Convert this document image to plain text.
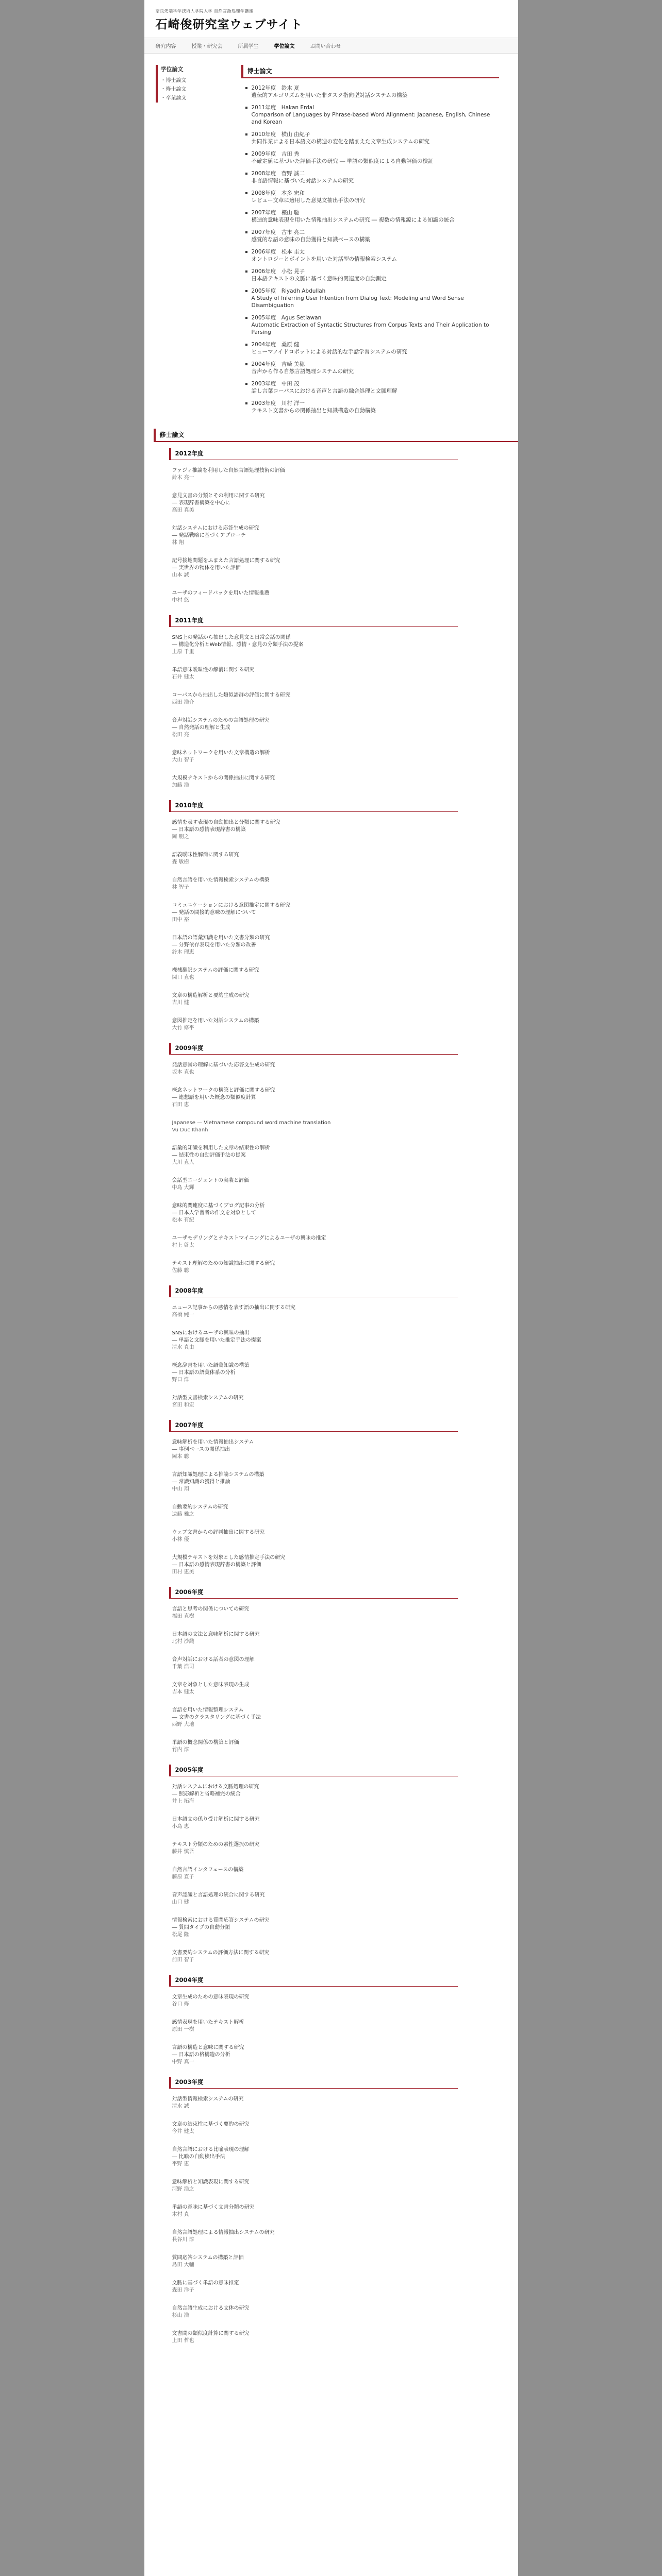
奈良先端科学技術大学院大学 自然言語処理学講座
石崎俊研究室ウェブサイト
研究内容	授業・研究会	所属学生	学位論文	お問い合わせ
学位論文
・ 博士論文
・ 修士論文
・ 卒業論文
博士論文
2012年度　鈴木 夏
遺伝的アルゴリズムを用いた非タスク指向型対話システムの構築
2011年度　Hakan Erdal
Comparison of Languages by Phrase-based Word Alignment: Japanese, English, Chinese and Korean
2010年度　横山 由紀子
共同作業による日本語文の構造の変化を踏まえた文章生成システムの研究
2009年度　吉田 秀
不確定値に基づいた評価手法の研究 ― 単語の類似度による自動評価の検証
2008年度　菅野 誠二
非言語情報に基づいた対話システムの研究
2008年度　本多 宏和
レビュー文章に適用した意見文抽出手法の研究
2007年度　樫山 聡
構造的意味表現を用いた情報抽出システムの研究 ― 複数の情報源による知識の統合
2007年度　古市 亮二
感覚的な語の意味の自動獲得と知識ベースの構築
2006年度　松本 圭太
オントロジーとポイントを用いた対話型の情報検索システム
2006年度　小松 晃子
日本語テキストの文脈に基づく意味的関連度の自動測定
2005年度　Riyadh Abdullah
A Study of Inferring User Intention from Dialog Text: Modeling and Word Sense Disambiguation
2005年度　Agus Setiawan
Automatic Extraction of Syntactic Structures from Corpus Texts and Their Application to Parsing
2004年度　桑原 健
ヒューマノイドロボットによる対話的な手話学習システムの研究
2004年度　吉崎 美穂
音声から作る自然言語処理システムの研究
2003年度　中田 茂
話し言葉コーパスにおける音声と言語の融合処理と文脈理解
2003年度　川村 洋一
テキスト文書からの関係抽出と知識構造の自動構築
修士論文
2012年度
ファジィ推論を利用した自然言語処理技術の評価
鈴木 亮一
意見文書の分類とその利用に関する研究
― 表現辞書構築を中心に
高田 真美
対話システムにおける応答生成の研究
― 発話戦略に基づくアプローチ
林 翔
記号接地問題をふまえた言語処理に関する研究
― 実世界の物体を用いた評価
山本 誠
ユーザのフィードバックを用いた情報推薦
中村 悠
2011年度
SNS上の発話から抽出した意見文と日常会話の関係
― 構造化分析とWeb情報、感情・意見の分類手法の提案
上原 千里
単語意味曖昧性の解消に関する研究
石井 健太
コーパスから抽出した類似語群の評価に関する研究
西田 浩介
音声対話システムのための言語処理の研究
― 自然発話の理解と生成
松田 亮
意味ネットワークを用いた文章構造の解析
大山 智子
大規模テキストからの関係抽出に関する研究
加藤 浩
2010年度
感情を表す表現の自動抽出と分類に関する研究
― 日本語の感情表現辞書の構築
岡 朋之
語義曖昧性解消に関する研究
森 敏樹
自然言語を用いた情報検索システムの構築
林 智子
コミュニケーションにおける意図推定に関する研究
― 発話の間接的意味の理解について
田中 裕
日本語の語彙知識を用いた文書分類の研究
― 分野依存表現を用いた分類の改善
鈴木 理恵
機械翻訳システムの評価に関する研究
関口 直也
文章の構造解析と要約生成の研究
吉川 健
意図推定を用いた対話システムの構築
大竹 修平
2009年度
発話意図の理解に基づいた応答文生成の研究
坂本 直也
概念ネットワークの構築と評価に関する研究
― 連想語を用いた概念の類似度計算
石田 恵
Japanese — Vietnamese compound word machine translation
Vu Duc Khanh
語彙的知識を利用した文章の結束性の解析
― 結束性の自動評価手法の提案
大川 直人
会話型エージェントの実装と評価
中島 大輝
意味的関連度に基づくブログ記事の分析
― 日本人学習者の作文を対象として
松本 有紀
ユーザモデリングとテキストマイニングによるユーザの興味の推定
村上 啓太
テキスト理解のための知識抽出に関する研究
佐藤 聡
2008年度
ニュース記事からの感情を表す語の抽出に関する研究
高橋 純一
SNSにおけるユーザの興味の抽出
― 単語と文脈を用いた推定手法の提案
清水 真由
概念辞書を用いた語彙知識の構築
― 日本語の語彙体系の分析
野口 洋
対話型文書検索システムの研究
宮田 和宏
2007年度
意味解析を用いた情報抽出システム
― 事例ベースの関係抽出
岡本 聡
言語知識処理による推論システムの構築
― 常識知識の獲得と推論
中山 翔
自動要約システムの研究
遠藤 雅之
ウェブ文書からの評判抽出に関する研究
小林 優
大規模テキストを対象とした感情推定手法の研究
― 日本語の感情表現辞書の構築と評価
田村 恵美
2006年度
言語と思考の関係についての研究
福田 直樹
日本語の文法と意味解析に関する研究
北村 沙織
音声対話における話者の意図の理解
千葉 浩司
文章を対象とした意味表現の生成
吉本 健太
言語を用いた情報整理システム
― 文書のクラスタリングに基づく手法
西野 大地
単語の概念関係の構築と評価
竹内 淳
2005年度
対話システムにおける文脈処理の研究
― 照応解析と省略補完の統合
井上 拓海
日本語文の係り受け解析に関する研究
小島 恵
テキスト分類のための素性選択の研究
藤井 慎吾
自然言語インタフェースの構築
藤原 直子
音声認識と言語処理の統合に関する研究
山口 健
情報検索における質問応答システムの研究
― 質問タイプの自動分類
松尾 隆
文書要約システムの評価方法に関する研究
前田 智子
2004年度
文章生成のための意味表現の研究
谷口 修
感情表現を用いたテキスト解析
原田 一樹
言語の構造と意味に関する研究
― 日本語の格構造の分析
中野 真一
2003年度
対話型情報検索システムの研究
清水 誠
文章の結束性に基づく要約の研究
今井 健太
自然言語における比喩表現の理解
― 比喩の自動検出手法
平野 恵
意味解析と知識表現に関する研究
河野 浩之
単語の意味に基づく文書分類の研究
木村 真
自然言語処理による情報抽出システムの研究
長谷川 淳
質問応答システムの構築と評価
島田 大輔
文脈に基づく単語の意味推定
森田 洋子
自然言語生成における文体の研究
杉山 浩
文書間の類似度計算に関する研究
上田 哲也
